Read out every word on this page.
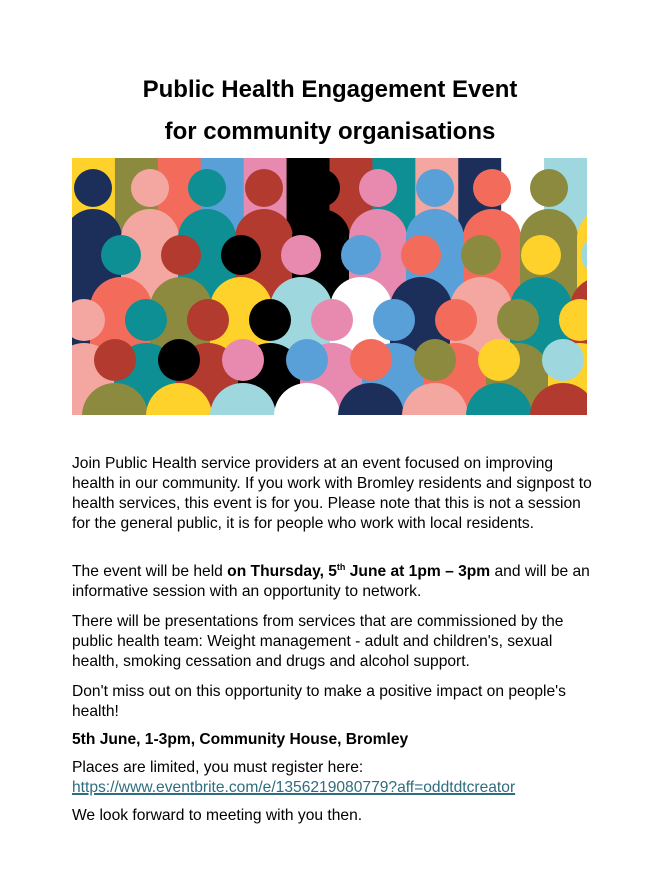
Public Health Engagement Event
for community organisations
Join Public Health service providers at an event focused on improving health in our community. If you work with Bromley residents and signpost to health services, this event is for you. Please note that this is not a session for the general public, it is for people who work with local residents.
The event will be held on Thursday, 5th June at 1pm – 3pm and will be an informative session with an opportunity to network.
There will be presentations from services that are commissioned by the public health team: Weight management - adult and children's, sexual health, smoking cessation and drugs and alcohol support.
Don't miss out on this opportunity to make a positive impact on people's health!
5th June, 1-3pm, Community House, Bromley
Places are limited, you must register here:
https://www.eventbrite.com/e/1356219080779?aff=oddtdtcreator
We look forward to meeting with you then.
